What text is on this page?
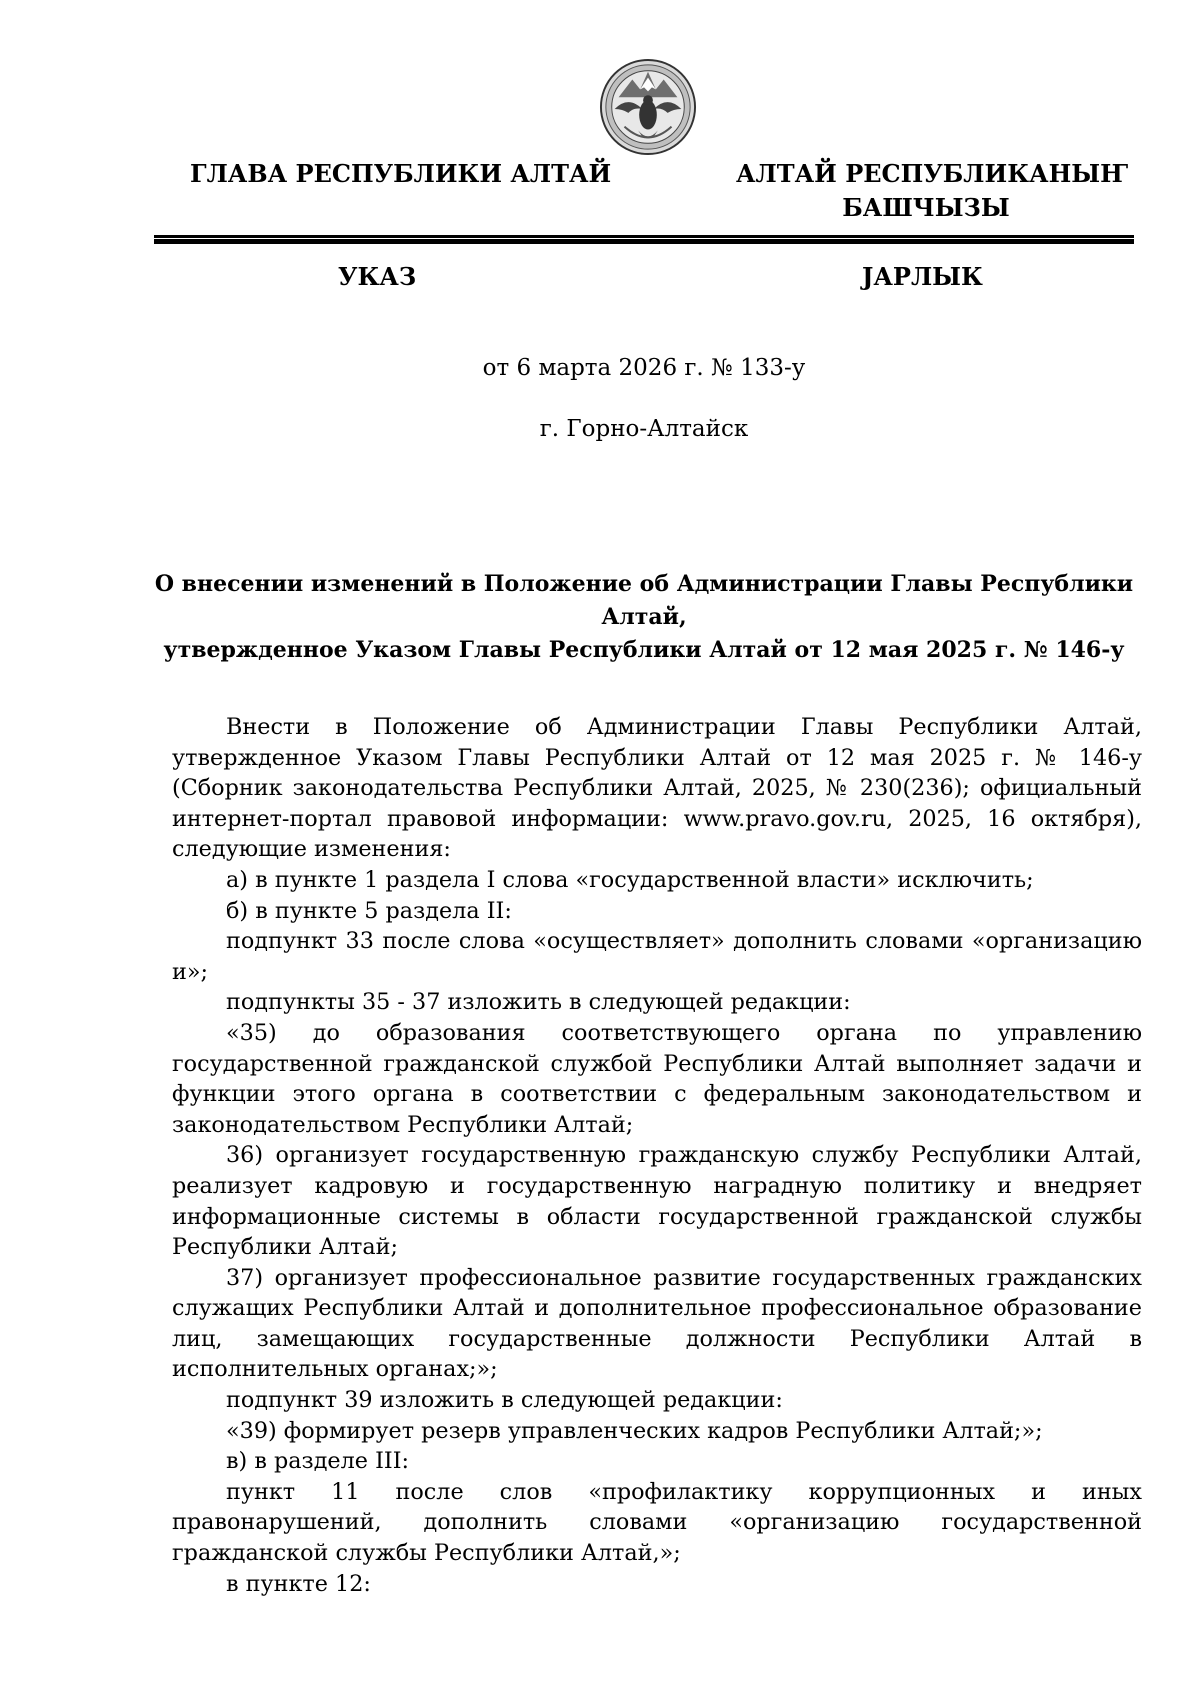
ГЛАВА РЕСПУБЛИКИ АЛТАЙ	АЛТАЙ РЕСПУБЛИКАНЫҤ
БАШЧЫЗЫ
УКАЗ	ЈАРЛЫК
от 6 марта 2026 г. № 133-у
г. Горно-Алтайск
О внесении изменений в Положение об Администрации Главы Республики Алтай,
утвержденное Указом Главы Республики Алтай от 12 мая 2025 г. № 146-у

Внести в Положение об Администрации Главы Республики Алтай, утвержденное Указом Главы Республики Алтай от 12 мая 2025 г. № 146-у (Сборник законодательства Республики Алтай, 2025, № 230(236); официальный интернет-портал правовой информации: www.pravo.gov.ru, 2025, 16 октября), следующие изменения:

а) в пункте 1 раздела I слова «государственной власти» исключить;

б) в пункте 5 раздела II:

подпункт 33 после слова «осуществляет» дополнить словами «организацию и»;

подпункты 35 - 37 изложить в следующей редакции:

«35) до образования соответствующего органа по управлению государственной гражданской службой Республики Алтай выполняет задачи и функции этого органа в соответствии с федеральным законодательством и законодательством Республики Алтай;

36) организует государственную гражданскую службу Республики Алтай, реализует кадровую и государственную наградную политику и внедряет информационные системы в области государственной гражданской службы Республики Алтай;

37) организует профессиональное развитие государственных гражданских служащих Республики Алтай и дополнительное профессиональное образование лиц, замещающих государственные должности Республики Алтай в исполнительных органах;»;

подпункт 39 изложить в следующей редакции:

«39) формирует резерв управленческих кадров Республики Алтай;»;

в) в разделе III:

пункт 11 после слов «профилактику коррупционных и иных правонарушений, дополнить словами «организацию государственной гражданской службы Республики Алтай,»;

в пункте 12:
